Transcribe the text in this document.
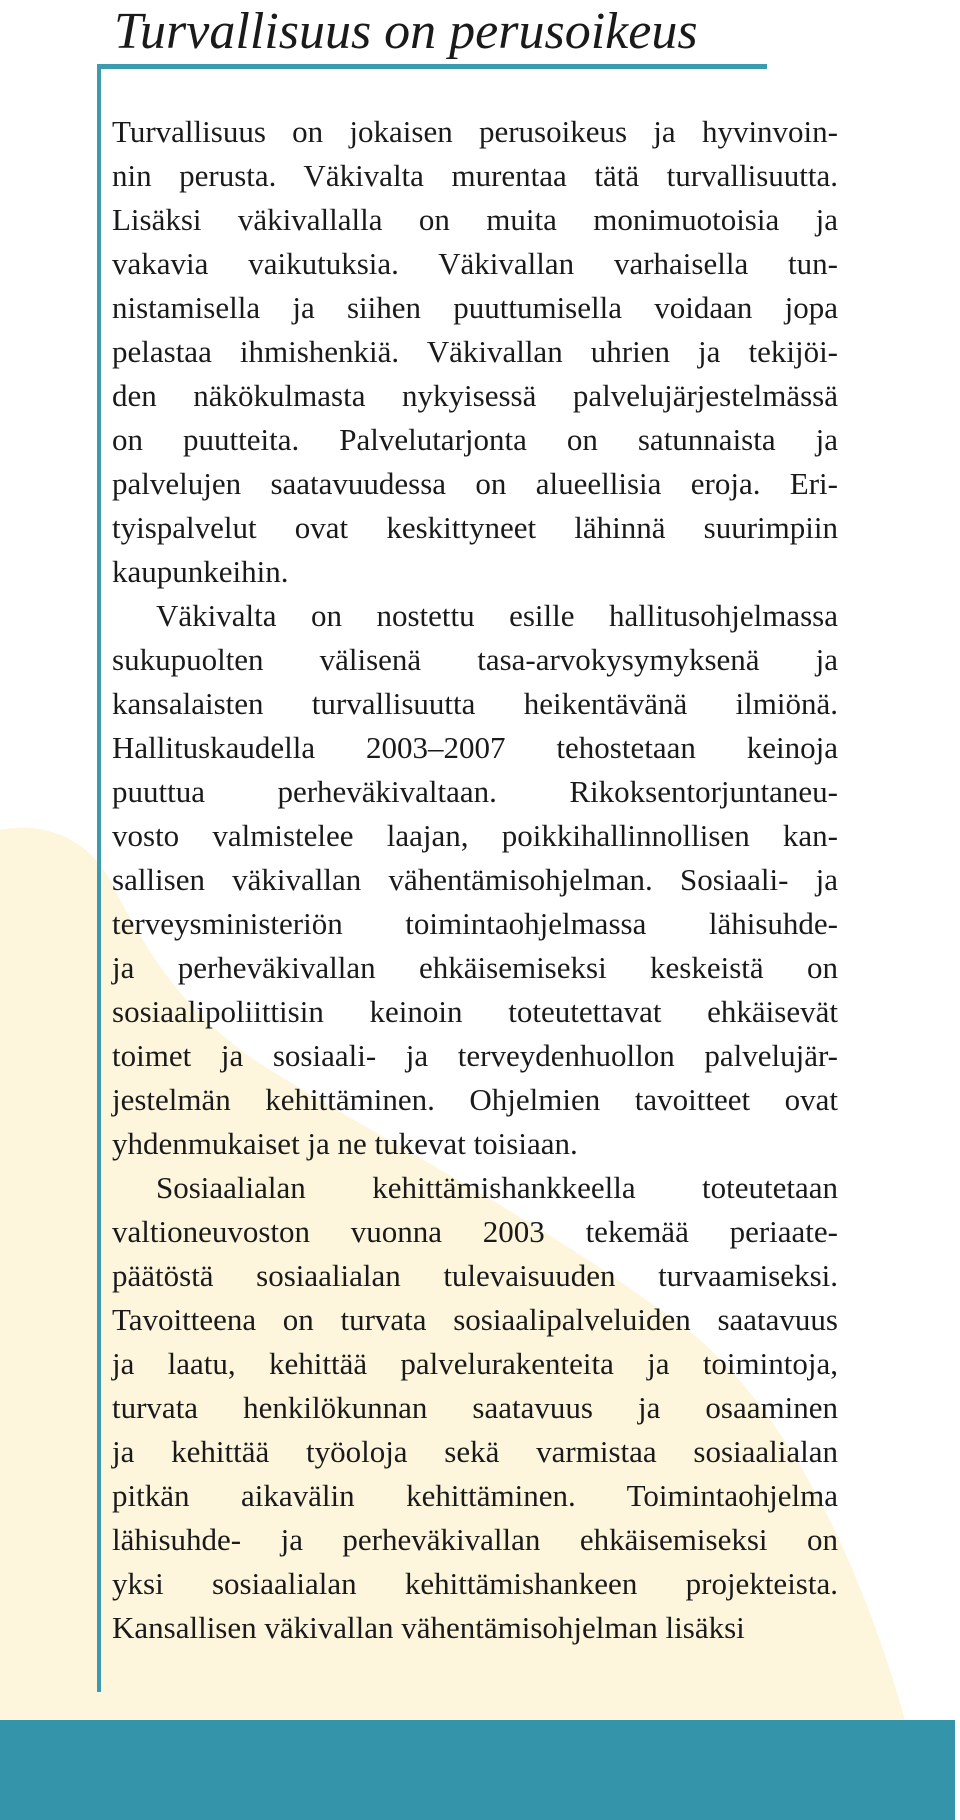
Turvallisuus on perusoikeus

Turvallisuus on jokaisen perusoikeus ja hyvinvoin-
nin perusta. Väkivalta murentaa tätä turvallisuutta.
Lisäksi väkivallalla on muita monimuotoisia ja
vakavia vaikutuksia. Väkivallan varhaisella tun-
nistamisella ja siihen puuttumisella voidaan jopa
pelastaa ihmishenkiä. Väkivallan uhrien ja tekijöi-
den näkökulmasta nykyisessä palvelujärjestelmässä
on puutteita. Palvelutarjonta on satunnaista ja
palvelujen saatavuudessa on alueellisia eroja. Eri-
tyispalvelut ovat keskittyneet lähinnä suurimpiin
kaupunkeihin.

Väkivalta on nostettu esille hallitusohjelmassa
sukupuolten välisenä tasa-arvokysymyksenä ja
kansalaisten turvallisuutta heikentävänä ilmiönä.
Hallituskaudella 2003–2007 tehostetaan keinoja
puuttua perheväkivaltaan. Rikoksentorjuntaneu-
vosto valmistelee laajan, poikkihallinnollisen kan-
sallisen väkivallan vähentämisohjelman. Sosiaali- ja
terveysministeriön toimintaohjelmassa lähisuhde-
ja perheväkivallan ehkäisemiseksi keskeistä on
sosiaalipoliittisin keinoin toteutettavat ehkäisevät
toimet ja sosiaali- ja terveydenhuollon palvelujär-
jestelmän kehittäminen. Ohjelmien tavoitteet ovat
yhdenmukaiset ja ne tukevat toisiaan.

Sosiaalialan kehittämishankkeella toteutetaan
valtioneuvoston vuonna 2003 tekemää periaate-
päätöstä sosiaalialan tulevaisuuden turvaamiseksi.
Tavoitteena on turvata sosiaalipalveluiden saatavuus
ja laatu, kehittää palvelurakenteita ja toimintoja,
turvata henkilökunnan saatavuus ja osaaminen
ja kehittää työoloja sekä varmistaa sosiaalialan
pitkän aikavälin kehittäminen. Toimintaohjelma
lähisuhde- ja perheväkivallan ehkäisemiseksi on
yksi sosiaalialan kehittämishankeen projekteista.
Kansallisen väkivallan vähentämisohjelman lisäksi
